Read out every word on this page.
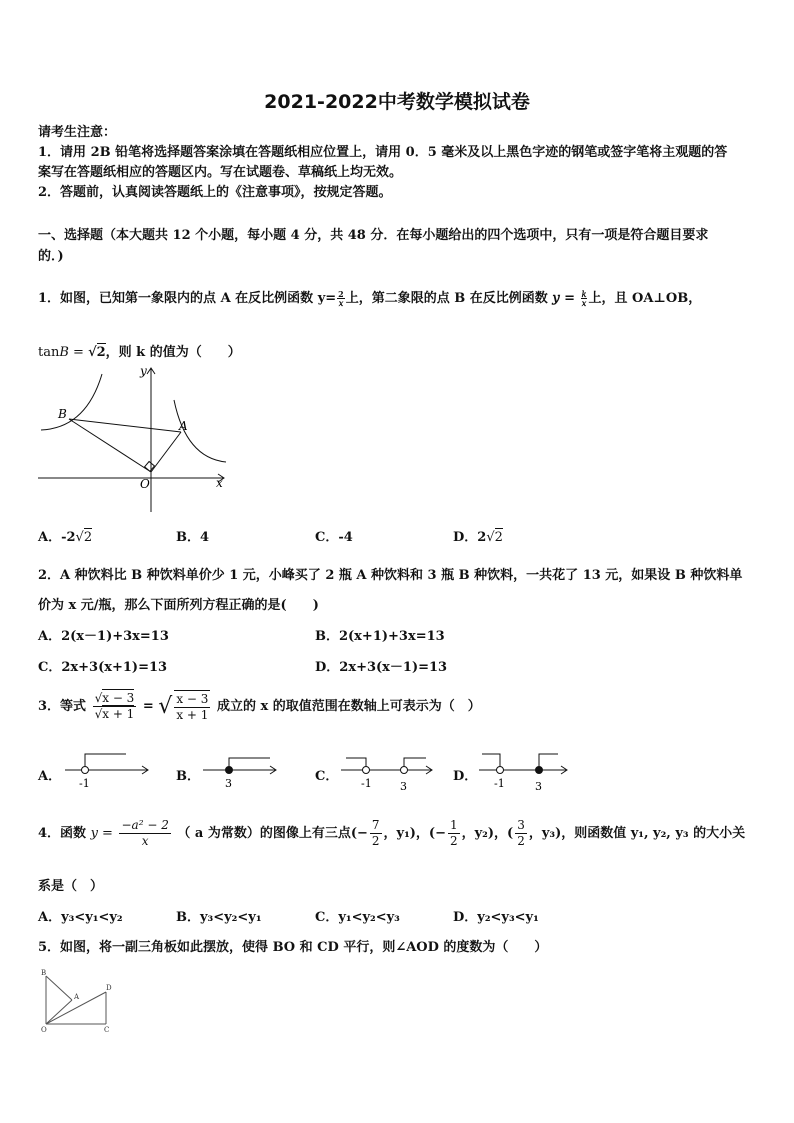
2021-2022中考数学模拟试卷
请考生注意：
1．请用 2B 铅笔将选择题答案涂填在答题纸相应位置上，请用 0．5 毫米及以上黑色字迹的钢笔或签字笔将主观题的答
案写在答题纸相应的答题区内。写在试题卷、草稿纸上均无效。
2．答题前，认真阅读答题纸上的《注意事项》，按规定答题。
一、选择题（本大题共 12 个小题，每小题 4 分，共 48 分．在每小题给出的四个选项中，只有一项是符合题目要求
的．)
1．如图，已知第一象限内的点 A 在反比例函数 $y= \frac{2}{\text{𝑥}}$ 上，第二象限的点 B 在反比例函数 𝑦 = $\frac{\text{𝑘}}{\text{𝑥}}$ 上，且 OA⊥OB，
tan𝐵 = √2，则 k 的值为（　　）
B
A
O	x
y
A．-2√2	B．4	C．-4	D．2√2
2．A 种饮料比 B 种饮料单价少 1 元，小峰买了 2 瓶 A 种饮料和 3 瓶 B 种饮料，一共花了 13 元，如果设 B 种饮料单
价为 x 元/瓶，那么下面所列方程正确的是(　　)
A．2(x－1)+3x=13	B．2(x+1)+3x=13
C．2x+3(x+1)=13	D．2x+3(x－1)=13
3．等式 $\frac{√x - 3}{√x + 1}$ = √ $\frac{x - 3}{x + 1}$ 成立的 x 的取值范围在数轴上可表示为（　）
A． -1	B． 3	C． -1	3
D． -1	3
4．函数 $y = \frac{\text{−a² − 2}}{x}$ （ a 为常数）的图像上有三点(− $\frac{7}{2}$ ，y₁)，(− $\frac{1}{2}$ ，y₂)，( $\frac{3}{2}$ ，y₃)，则函数值 y₁, y₂, y₃ 的大小关
系是（　）
A．y₃<y₁<y₂	B．y₃<y₂<y₁	C．y₁<y₂<y₃	D．y₂<y₃<y₁
5．如图，将一副三角板如此摆放，使得 BO 和 CD 平行，则∠AOD 的度数为（　　）
B
A
D
O	C
